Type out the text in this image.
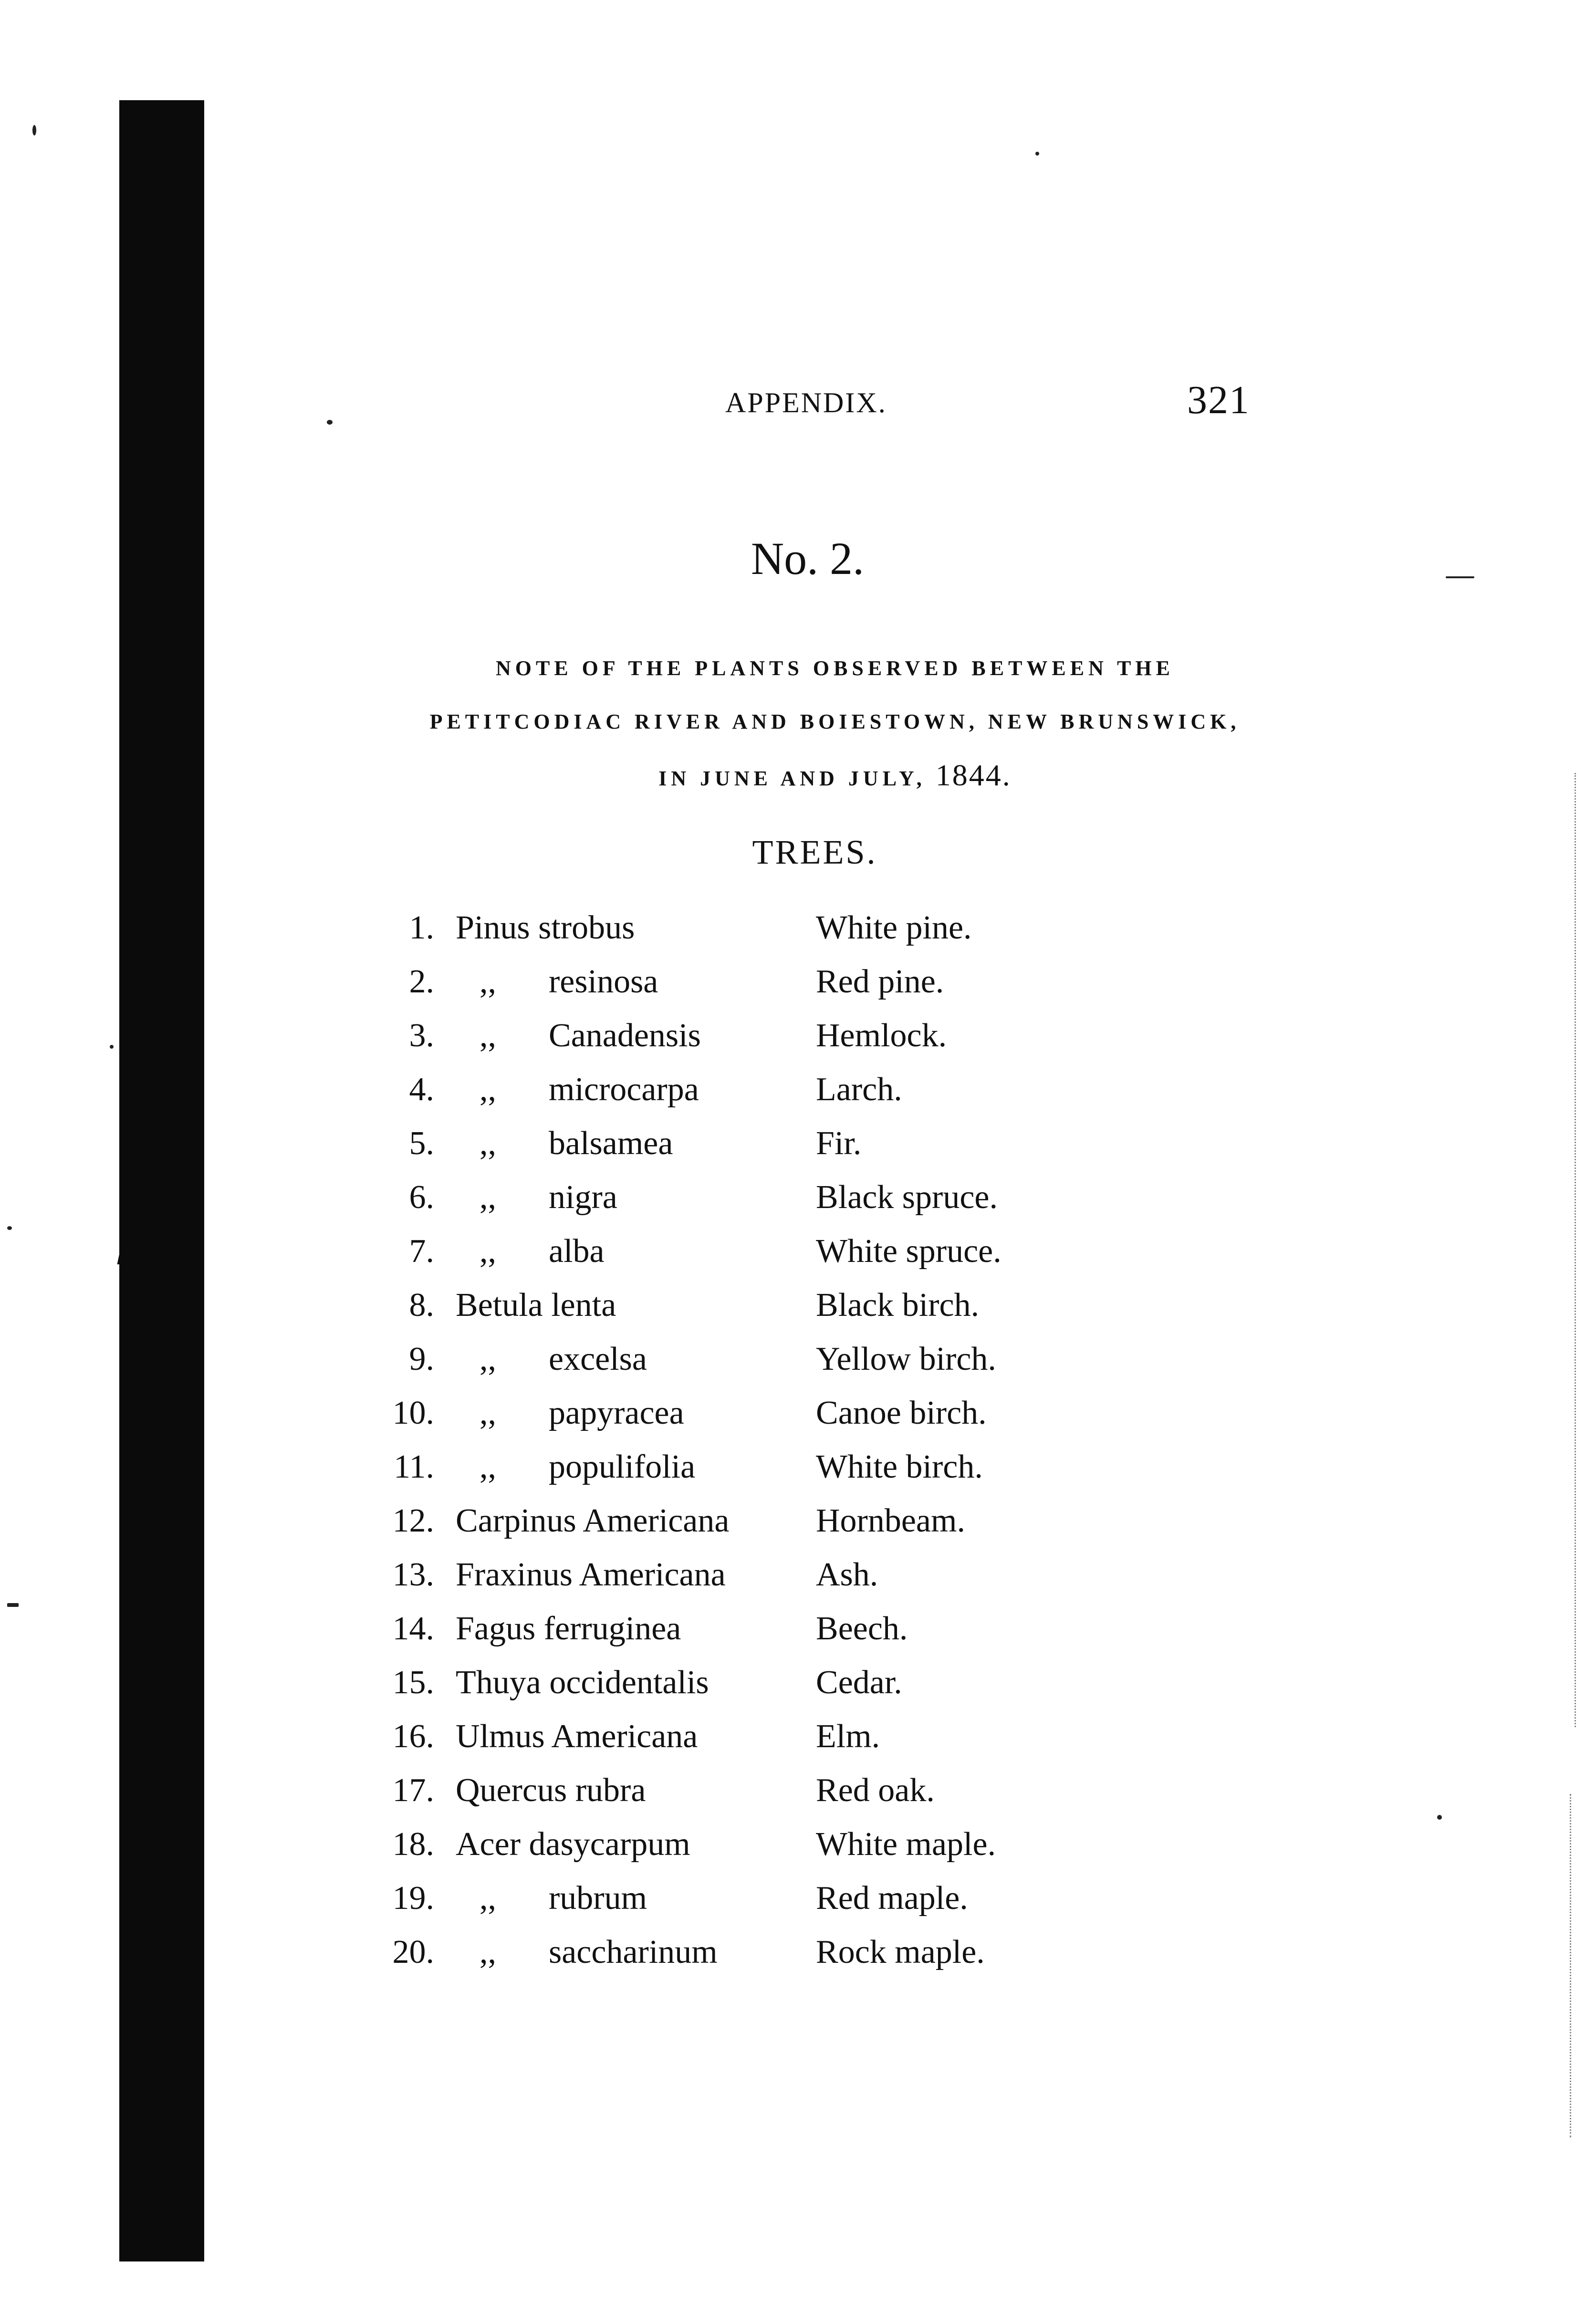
APPENDIX.	321
No. 2.
NOTE OF THE PLANTS OBSERVED BETWEEN THE
PETITCODIAC RIVER AND BOIESTOWN, NEW BRUNSWICK,
IN JUNE AND JULY, 1844.
TREES.
1. Pinus strobus	White pine.
2. ,, resinosa	Red pine.
3. ,, Canadensis	Hemlock.
4. ,, microcarpa	Larch.
5. ,, balsamea	Fir.
6. ,, nigra	Black spruce.
7. ,, alba	White spruce.
8. Betula lenta	Black birch.
9. ,, excelsa	Yellow birch.
10. ,, papyracea	Canoe birch.
11. ,, populifolia	White birch.
12. Carpinus Americana	Hornbeam.
13. Fraxinus Americana	Ash.
14. Fagus ferruginea	Beech.
15. Thuya occidentalis	Cedar.
16. Ulmus Americana	Elm.
17. Quercus rubra	Red oak.
18. Acer dasycarpum	White maple.
19. ,, rubrum	Red maple.
20. ,, saccharinum	Rock maple.
